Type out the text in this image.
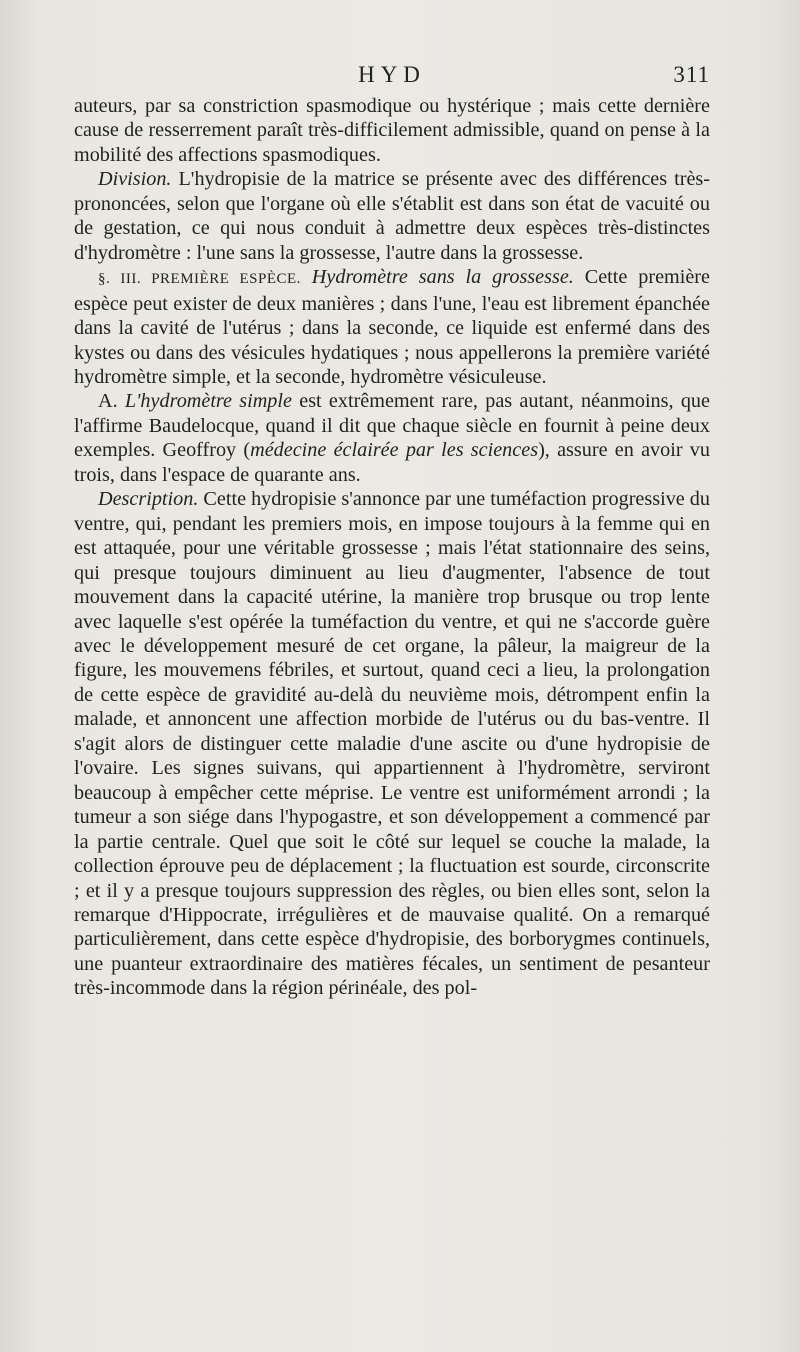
HYD	311

auteurs, par sa constriction spasmodique ou hystérique ; mais cette dernière cause de resserrement paraît très-difficilement admissible, quand on pense à la mobilité des affections spasmodiques.

Division. L'hydropisie de la matrice se présente avec des différences très-prononcées, selon que l'organe où elle s'établit est dans son état de vacuité ou de gestation, ce qui nous conduit à admettre deux espèces très-distinctes d'hydromètre : l'une sans la grossesse, l'autre dans la grossesse.

§. III. PREMIÈRE ESPÈCE. Hydromètre sans la grossesse. Cette première espèce peut exister de deux manières ; dans l'une, l'eau est librement épanchée dans la cavité de l'utérus ; dans la seconde, ce liquide est enfermé dans des kystes ou dans des vésicules hydatiques ; nous appellerons la première variété hydromètre simple, et la seconde, hydromètre vésiculeuse.

A. L'hydromètre simple est extrêmement rare, pas autant, néanmoins, que l'affirme Baudelocque, quand il dit que chaque siècle en fournit à peine deux exemples. Geoffroy (médecine éclairée par les sciences), assure en avoir vu trois, dans l'espace de quarante ans.

Description. Cette hydropisie s'annonce par une tuméfaction progressive du ventre, qui, pendant les premiers mois, en impose toujours à la femme qui en est attaquée, pour une véritable grossesse ; mais l'état stationnaire des seins, qui presque toujours diminuent au lieu d'augmenter, l'absence de tout mouvement dans la capacité utérine, la manière trop brusque ou trop lente avec laquelle s'est opérée la tuméfaction du ventre, et qui ne s'accorde guère avec le développement mesuré de cet organe, la pâleur, la maigreur de la figure, les mouvemens fébriles, et surtout, quand ceci a lieu, la prolongation de cette espèce de gravidité au-delà du neuvième mois, détrompent enfin la malade, et annoncent une affection morbide de l'utérus ou du bas-ventre. Il s'agit alors de distinguer cette maladie d'une ascite ou d'une hydropisie de l'ovaire. Les signes suivans, qui appartiennent à l'hydromètre, serviront beaucoup à empêcher cette méprise. Le ventre est uniformément arrondi ; la tumeur a son siége dans l'hypogastre, et son développement a commencé par la partie centrale. Quel que soit le côté sur lequel se couche la malade, la collection éprouve peu de déplacement ; la fluctuation est sourde, circonscrite ; et il y a presque toujours suppression des règles, ou bien elles sont, selon la remarque d'Hippocrate, irrégulières et de mauvaise qualité. On a remarqué particulièrement, dans cette espèce d'hydropisie, des borborygmes continuels, une puanteur extraordinaire des matières fécales, un sentiment de pesanteur très-incommode dans la région périnéale, des pol-
